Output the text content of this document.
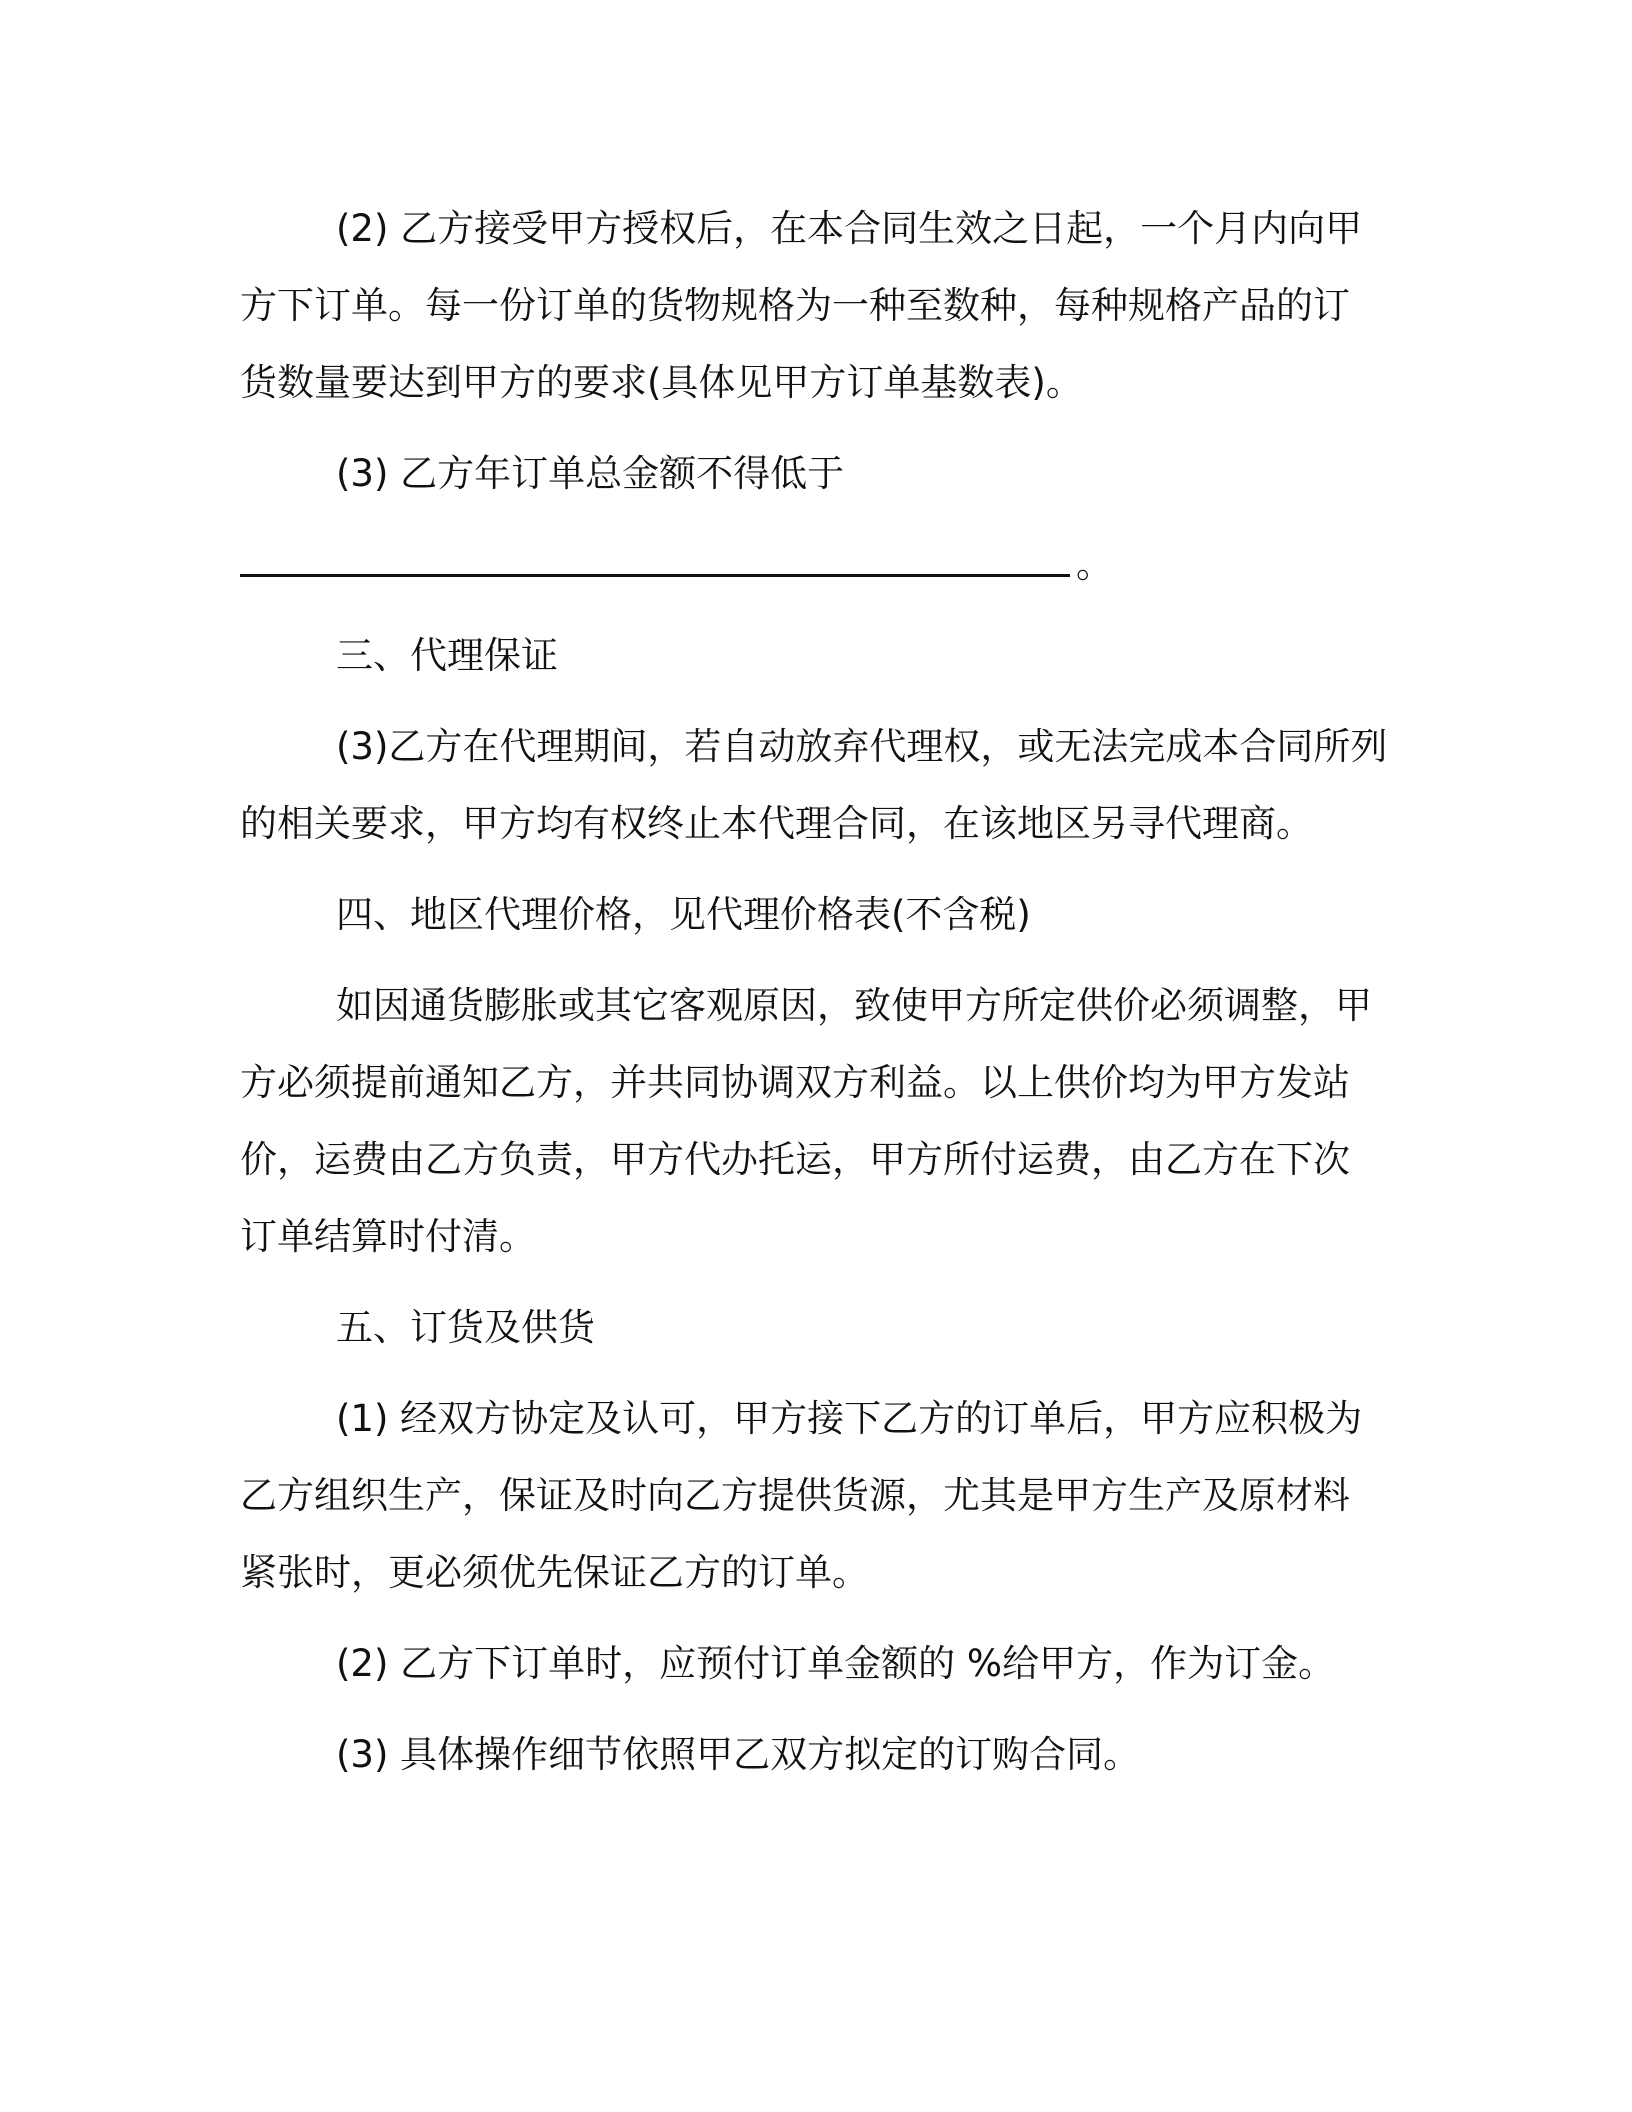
(2) 乙方接受甲方授权后，在本合同生效之日起，一个月内向甲
方下订单。每一份订单的货物规格为一种至数种，每种规格产品的订
货数量要达到甲方的要求(具体见甲方订单基数表)。
(3) 乙方年订单总金额不得低于
。
三、代理保证
(3)乙方在代理期间，若自动放弃代理权，或无法完成本合同所列
的相关要求，甲方均有权终止本代理合同，在该地区另寻代理商。
四、地区代理价格，见代理价格表(不含税)
如因通货膨胀或其它客观原因，致使甲方所定供价必须调整，甲
方必须提前通知乙方，并共同协调双方利益。以上供价均为甲方发站
价，运费由乙方负责，甲方代办托运，甲方所付运费，由乙方在下次
订单结算时付清。
五、订货及供货
(1) 经双方协定及认可，甲方接下乙方的订单后，甲方应积极为
乙方组织生产，保证及时向乙方提供货源，尤其是甲方生产及原材料
紧张时，更必须优先保证乙方的订单。
(2) 乙方下订单时，应预付订单金额的 %给甲方，作为订金。
(3) 具体操作细节依照甲乙双方拟定的订购合同。
